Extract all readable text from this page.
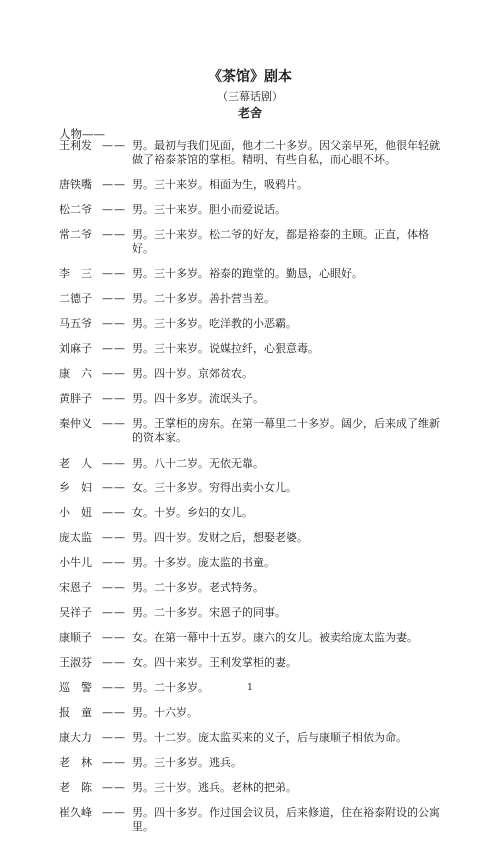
《茶馆》剧本
（三幕话剧）
老舍
人物——
王利发 —— 男。最初与我们见面，他才二十多岁。因父亲早死，他很年轻就做了裕泰茶馆的掌柜。精明、有些自私，而心眼不坏。
唐铁嘴 —— 男。三十来岁。相面为生，吸鸦片。
松二爷 —— 男。三十来岁。胆小而爱说话。
常二爷 —— 男。三十来岁。松二爷的好友，都是裕泰的主顾。正直，体格好。
李　三 —— 男。三十多岁。裕泰的跑堂的。勤恳，心眼好。
二德子 —— 男。二十多岁。善扑营当差。
马五爷 —— 男。三十多岁。吃洋教的小恶霸。
刘麻子 —— 男。三十来岁。说媒拉纤，心狠意毒。
康　六 —— 男。四十岁。京郊贫农。
黄胖子 —— 男。四十多岁。流氓头子。
秦仲义 —— 男。王掌柜的房东。在第一幕里二十多岁。阔少，后来成了维新的资本家。
老　人 —— 男。八十二岁。无依无靠。
乡　妇 —— 女。三十多岁。穷得出卖小女儿。
小　妞 —— 女。十岁。乡妇的女儿。
庞太监 —— 男。四十岁。发财之后，想娶老婆。
小牛儿 —— 男。十多岁。庞太监的书童。
宋恩子 —— 男。二十多岁。老式特务。
吴祥子 —— 男。二十多岁。宋恩子的同事。
康顺子 —— 女。在第一幕中十五岁。康六的女儿。被卖给庞太监为妻。
王淑芬 —— 女。四十来岁。王利发掌柜的妻。
巡　警 —— 男。二十多岁。
报　童 —— 男。十六岁。
康大力 —— 男。十二岁。庞太监买来的义子，后与康顺子相依为命。
老　林 —— 男。三十多岁。逃兵。
老　陈 —— 男。三十岁。逃兵。老林的把弟。
崔久峰 —— 男。四十多岁。作过国会议员，后来修道，住在裕泰附设的公寓里。
1
